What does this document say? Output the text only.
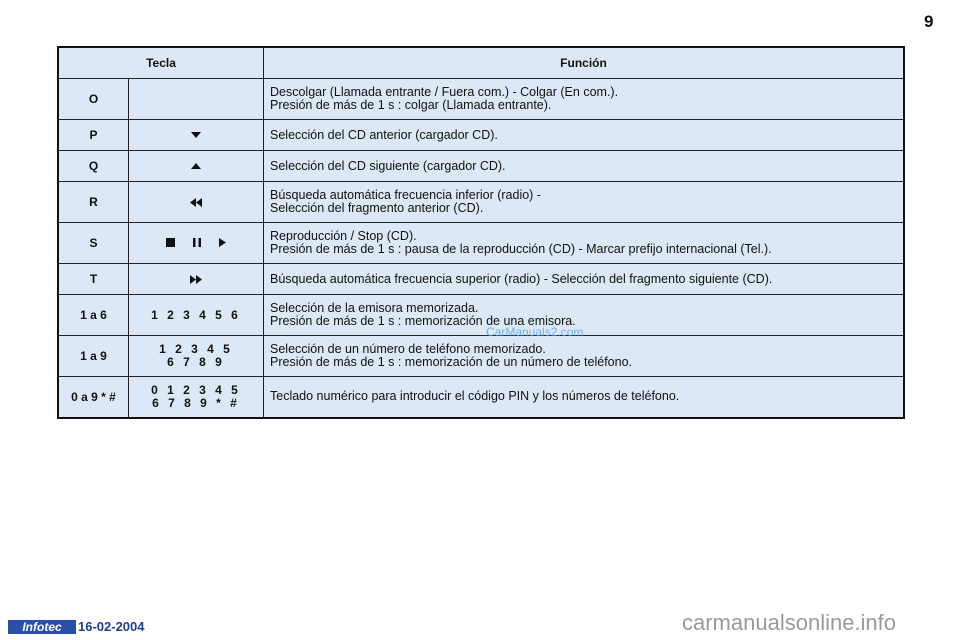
9
Tecla		Función
O		Descolgar (Llamada entrante / Fuera com.) - Colgar (En com.).
Presión de más de 1 s : colgar (Llamada entrante).

P		Selección del CD anterior (cargador CD).

Q		Selección del CD siguiente (cargador CD).

R		Búsqueda automática frecuencia inferior (radio) -
Selección del fragmento anterior (CD).

S		Reproducción / Stop (CD).
Presión de más de 1 s : pausa de la reproducción (CD) - Marcar prefijo internacional (Tel.).

T		Búsqueda automática frecuencia superior (radio) - Selección del fragmento siguiente (CD).

1 a 6	1 2 3 4 5 6	Selección de la emisora memorizada.
Presión de más de 1 s : memorización de una emisora.

1 a 9	1 2 3 4 5
6 7 8 9	Selección de un número de teléfono memorizado.
Presión de más de 1 s : memorización de un número de teléfono.

0 a 9 * #	0 1 2 3 4 5
6 7 8 9 * #	Teclado numérico para introducir el código PIN y los números de teléfono.
CarManuals2.com
Infotec	16-02-2004	carmanualsonline.info
